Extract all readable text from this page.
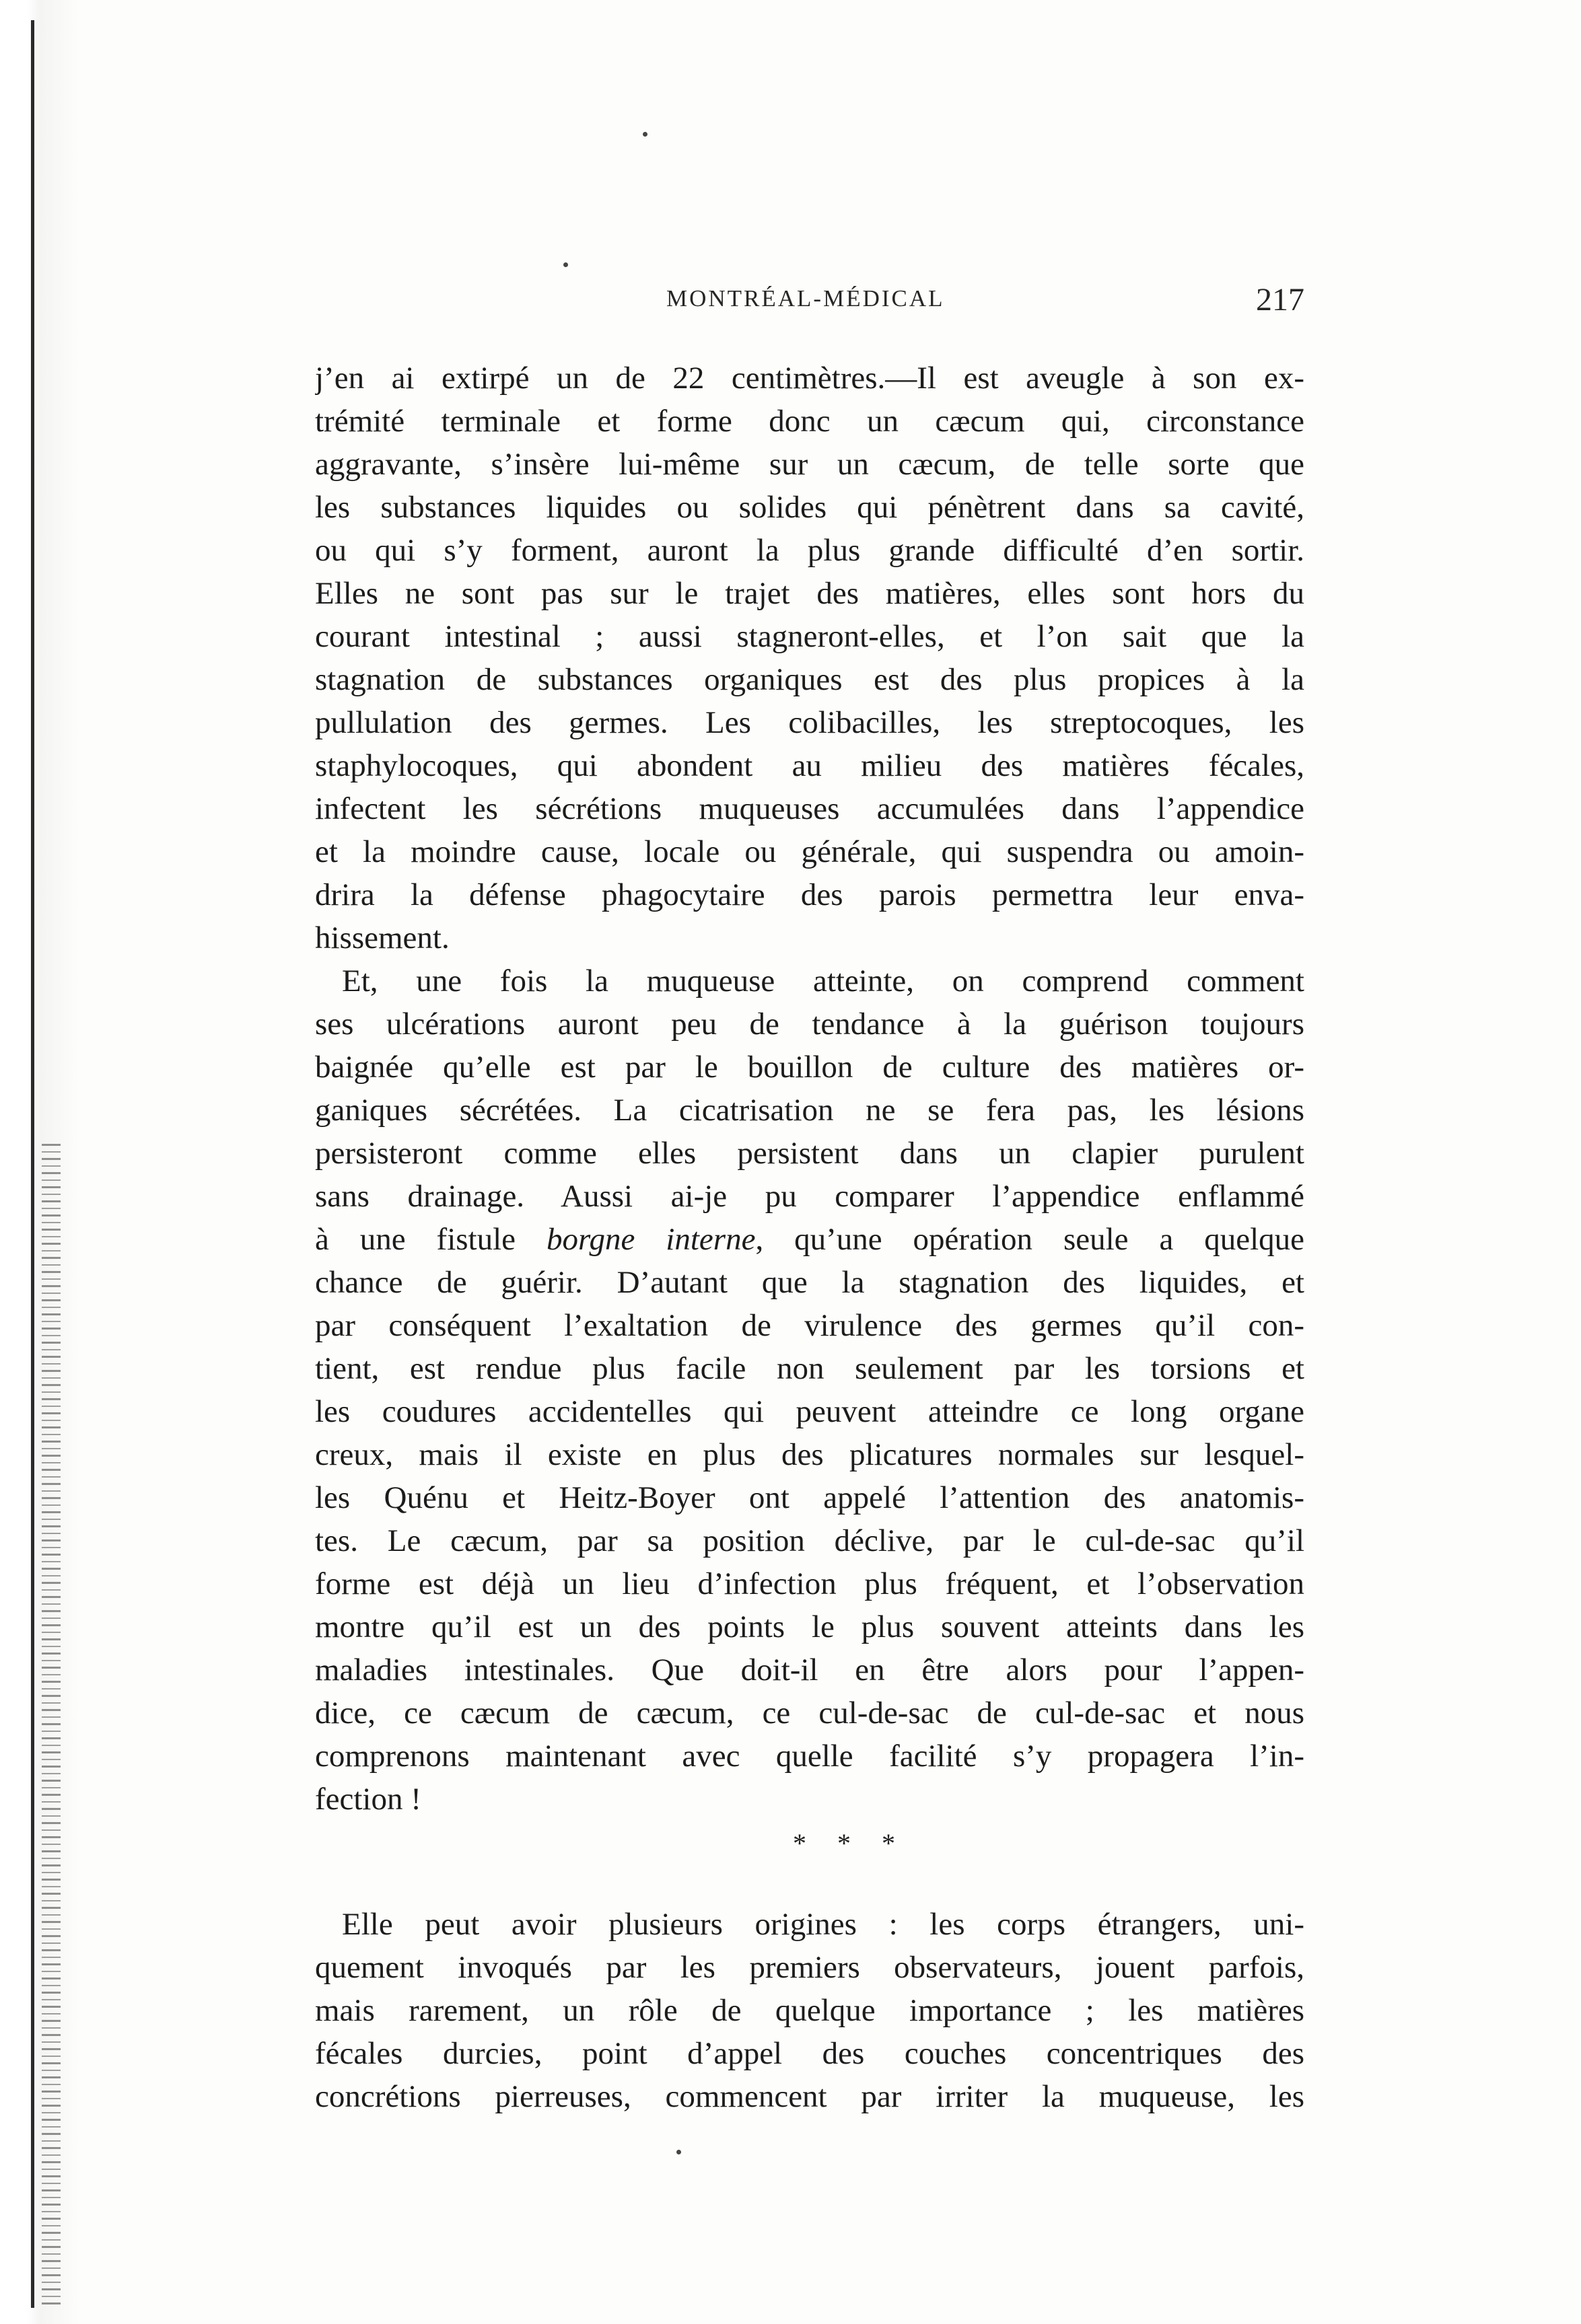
MONTRÉAL-MÉDICAL	217
j’en ai extirpé un de 22 centimètres.—Il est aveugle à son ex-
trémité terminale et forme donc un cæcum qui, circonstance
aggravante, s’insère lui-même sur un cæcum, de telle sorte que
les substances liquides ou solides qui pénètrent dans sa cavité,
ou qui s’y forment, auront la plus grande difficulté d’en sortir.
Elles ne sont pas sur le trajet des matières, elles sont hors du
courant intestinal ; aussi stagneront-elles, et l’on sait que la
stagnation de substances organiques est des plus propices à la
pullulation des germes. Les colibacilles, les streptocoques, les
staphylocoques, qui abondent au milieu des matières fécales,
infectent les sécrétions muqueuses accumulées dans l’appendice
et la moindre cause, locale ou générale, qui suspendra ou amoin-
drira la défense phagocytaire des parois permettra leur enva-
hissement.
Et, une fois la muqueuse atteinte, on comprend comment
ses ulcérations auront peu de tendance à la guérison toujours
baignée qu’elle est par le bouillon de culture des matières or-
ganiques sécrétées. La cicatrisation ne se fera pas, les lésions
persisteront comme elles persistent dans un clapier purulent
sans drainage. Aussi ai-je pu comparer l’appendice enflammé
à une fistule borgne interne, qu’une opération seule a quelque
chance de guérir. D’autant que la stagnation des liquides, et
par conséquent l’exaltation de virulence des germes qu’il con-
tient, est rendue plus facile non seulement par les torsions et
les coudures accidentelles qui peuvent atteindre ce long organe
creux, mais il existe en plus des plicatures normales sur lesquel-
les Quénu et Heitz-Boyer ont appelé l’attention des anatomis-
tes. Le cæcum, par sa position déclive, par le cul-de-sac qu’il
forme est déjà un lieu d’infection plus fréquent, et l’observation
montre qu’il est un des points le plus souvent atteints dans les
maladies intestinales. Que doit-il en être alors pour l’appen-
dice, ce cæcum de cæcum, ce cul-de-sac de cul-de-sac et nous
comprenons maintenant avec quelle facilité s’y propagera l’in-
fection !
* * *
Elle peut avoir plusieurs origines : les corps étrangers, uni-
quement invoqués par les premiers observateurs, jouent parfois,
mais rarement, un rôle de quelque importance ; les matières
fécales durcies, point d’appel des couches concentriques des
concrétions pierreuses, commencent par irriter la muqueuse, les
